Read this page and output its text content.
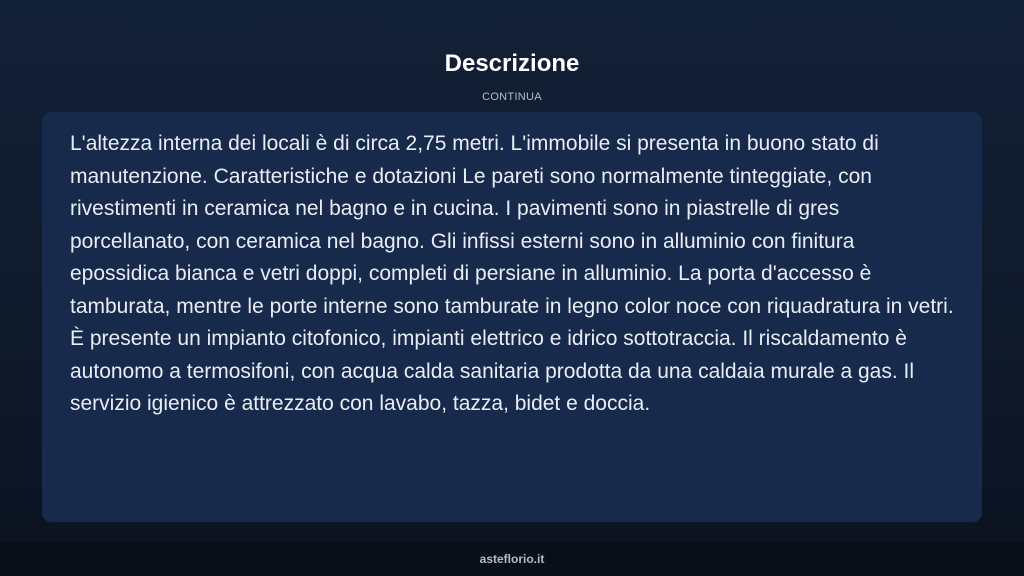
Descrizione
CONTINUA

L'altezza interna dei locali è di circa 2,75 metri. L'immobile si presenta in buono stato di manutenzione. Caratteristiche e dotazioni Le pareti sono normalmente tinteggiate, con rivestimenti in ceramica nel bagno e in cucina. I pavimenti sono in piastrelle di gres porcellanato, con ceramica nel bagno. Gli infissi esterni sono in alluminio con finitura epossidica bianca e vetri doppi, completi di persiane in alluminio. La porta d'accesso è tamburata, mentre le porte interne sono tamburate in legno color noce con riquadratura in vetri. È presente un impianto citofonico, impianti elettrico e idrico sottotraccia. Il riscaldamento è autonomo a termosifoni, con acqua calda sanitaria prodotta da una caldaia murale a gas. Il servizio igienico è attrezzato con lavabo, tazza, bidet e doccia.

asteflorio.it
